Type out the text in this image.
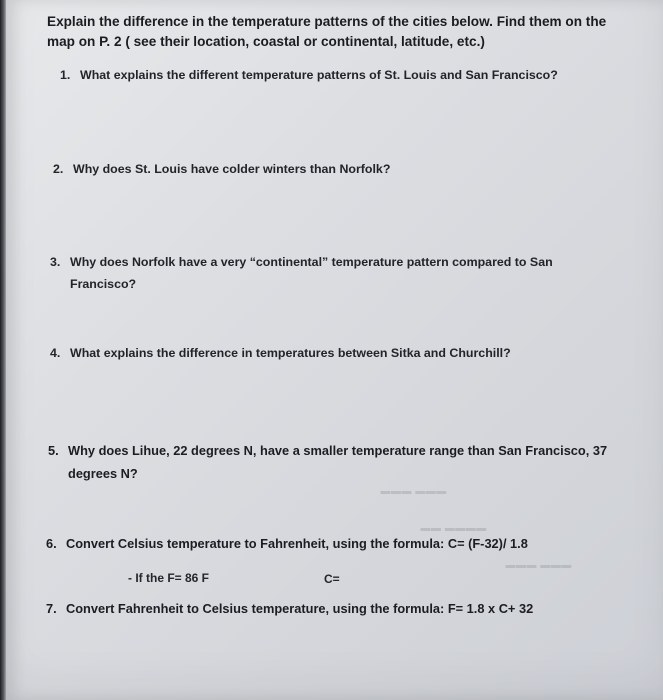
▬▬▬ ▬▬▬
▬▬▬▬ ▬▬
▬▬▬ ▬▬▬
Explain the difference in the temperature patterns of the cities below. Find them on the map on P. 2 ( see their location, coastal or continental, latitude, etc.)
1. What explains the different temperature patterns of St. Louis and San Francisco?
2. Why does St. Louis have colder winters than Norfolk?
3. Why does Norfolk have a very “continental” temperature pattern compared to San
Francisco?
4. What explains the difference in temperatures between Sitka and Churchill?
5. Why does Lihue, 22 degrees N, have a smaller temperature range than San Francisco, 37
degrees N?
6. Convert Celsius temperature to Fahrenheit, using the formula: C= (F-32)/ 1.8
- If the F= 86 F	C=
7. Convert Fahrenheit to Celsius temperature, using the formula: F= 1.8 x C+ 32
